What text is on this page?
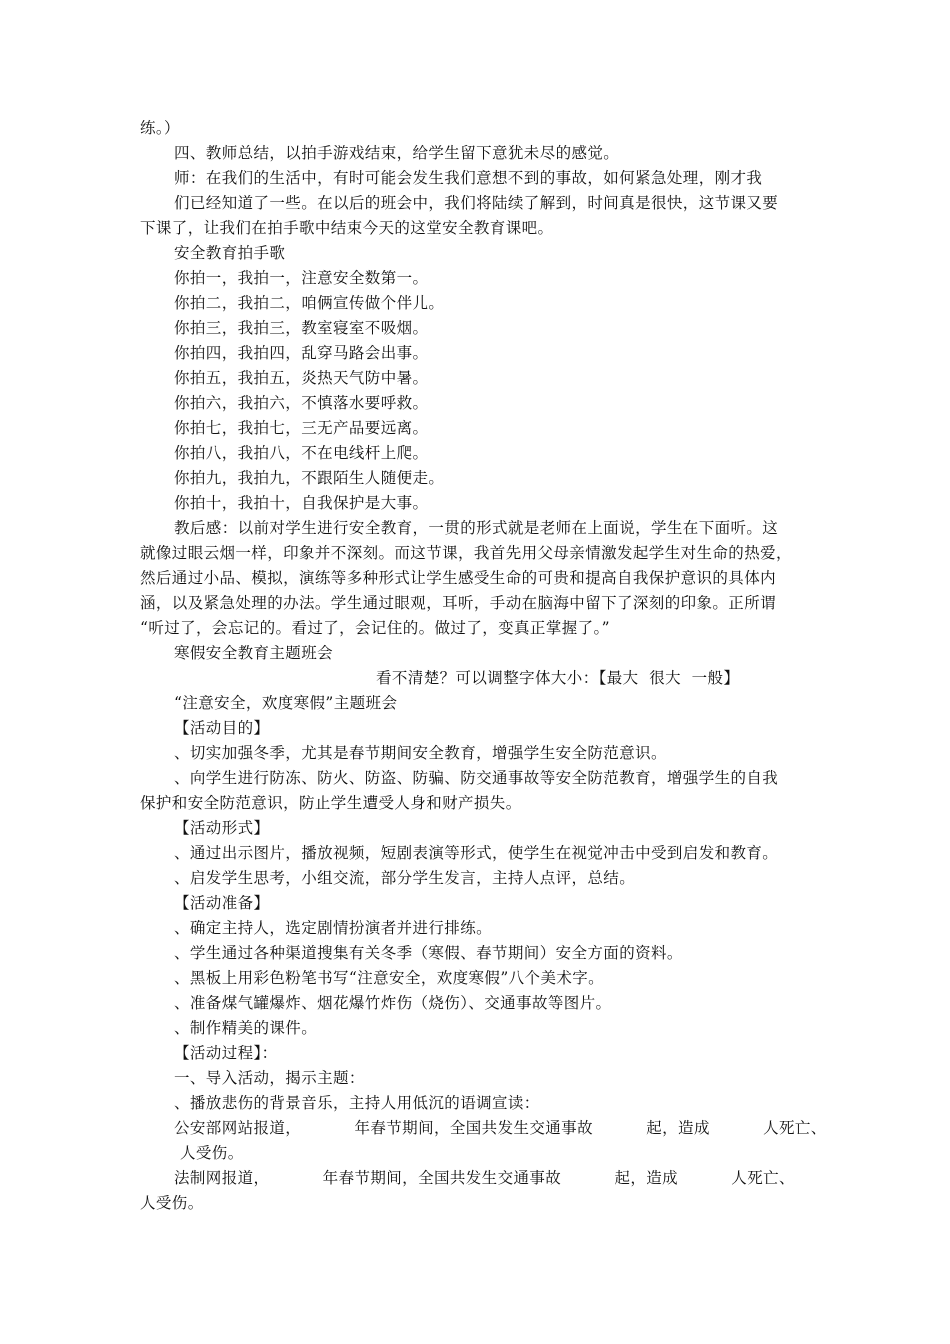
练。）
四、教师总结，以拍手游戏结束，给学生留下意犹未尽的感觉。
师：在我们的生活中，有时可能会发生我们意想不到的事故，如何紧急处理，刚才我
们已经知道了一些。在以后的班会中，我们将陆续了解到，时间真是很快，这节课又要
下课了，让我们在拍手歌中结束今天的这堂安全教育课吧。
安全教育拍手歌
你拍一，我拍一，注意安全数第一。
你拍二，我拍二，咱俩宣传做个伴儿。
你拍三，我拍三，教室寝室不吸烟。
你拍四，我拍四，乱穿马路会出事。
你拍五，我拍五，炎热天气防中暑。
你拍六，我拍六，不慎落水要呼救。
你拍七，我拍七，三无产品要远离。
你拍八，我拍八，不在电线杆上爬。
你拍九，我拍九，不跟陌生人随便走。
你拍十，我拍十，自我保护是大事。
教后感：以前对学生进行安全教育，一贯的形式就是老师在上面说，学生在下面听。这
就像过眼云烟一样，印象并不深刻。而这节课，我首先用父母亲情激发起学生对生命的热爱，
然后通过小品、模拟，演练等多种形式让学生感受生命的可贵和提高自我保护意识的具体内
涵，以及紧急处理的办法。学生通过眼观，耳听，手动在脑海中留下了深刻的印象。正所谓
“听过了，会忘记的。看过了，会记住的。做过了，变真正掌握了。”
寒假安全教育主题班会
看不清楚？可以调整字体大小：【最大  很大  一般】
“注意安全，欢度寒假”主题班会
【活动目的】
、切实加强冬季，尤其是春节期间安全教育，增强学生安全防范意识。
、向学生进行防冻、防火、防盗、防骗、防交通事故等安全防范教育，增强学生的自我
保护和安全防范意识，防止学生遭受人身和财产损失。
【活动形式】
、通过出示图片，播放视频，短剧表演等形式，使学生在视觉冲击中受到启发和教育。
、启发学生思考，小组交流，部分学生发言，主持人点评，总结。
【活动准备】
、确定主持人，选定剧情扮演者并进行排练。
、学生通过各种渠道搜集有关冬季（寒假、春节期间）安全方面的资料。
、黑板上用彩色粉笔书写“注意安全，欢度寒假”八个美术字。
、准备煤气罐爆炸、烟花爆竹炸伤（烧伤）、交通事故等图片。
、制作精美的课件。
【活动过程】：
一、导入活动，揭示主题：
、播放悲伤的背景音乐，主持人用低沉的语调宣读：
公安部网站报道，          年春节期间，全国共发生交通事故          起，造成          人死亡、
人受伤。
法制网报道，          年春节期间，全国共发生交通事故          起，造成          人死亡、
人受伤。
